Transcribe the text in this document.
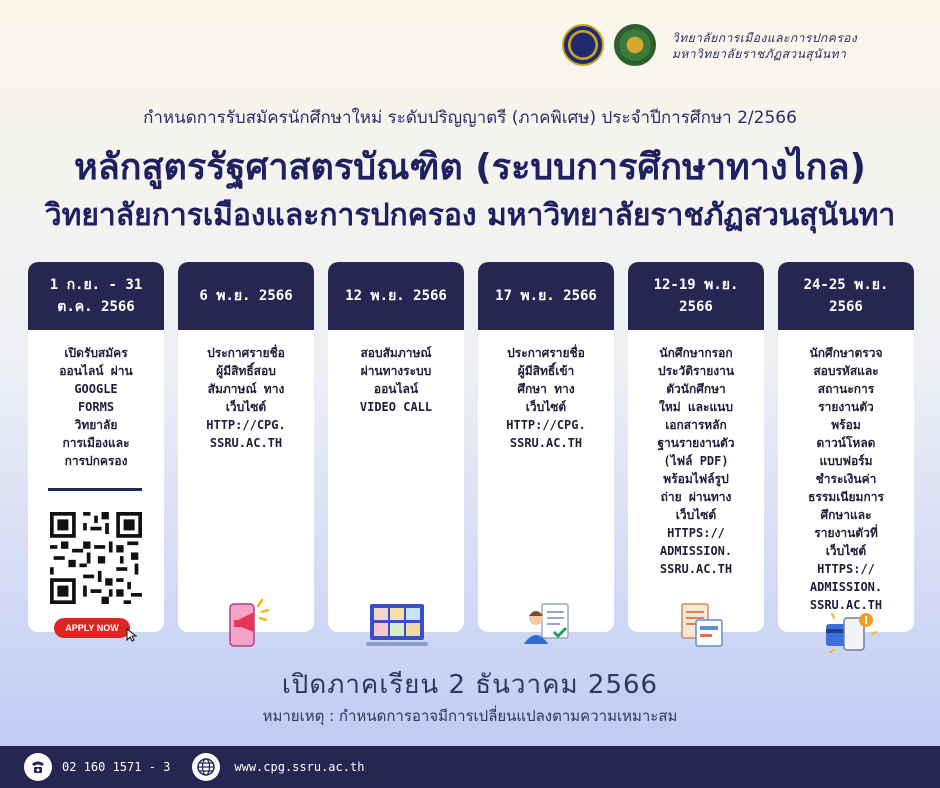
วิทยาลัยการเมืองและการปกครอง
มหาวิทยาลัยราชภัฏสวนสุนันทา
กำหนดการรับสมัครนักศึกษาใหม่ ระดับปริญญาตรี (ภาคพิเศษ) ประจำปีการศึกษา 2/2566
หลักสูตรรัฐศาสตรบัณฑิต (ระบบการศึกษาทางไกล)
วิทยาลัยการเมืองและการปกครอง มหาวิทยาลัยราชภัฏสวนสุนันทา
1 ก.ย. - 31 ต.ค. 2566
เปิดรับสมัคร
ออนไลน์ ผ่าน
GOOGLE
FORMS
วิทยาลัย
การเมืองและ
การปกครอง
6 พ.ย. 2566
ประกาศรายชื่อ
ผู้มีสิทธิ์สอบ
สัมภาษณ์ ทาง
เว็บไซต์
HTTP://CPG.
SSRU.AC.TH
12 พ.ย. 2566
สอบสัมภาษณ์
ผ่านทางระบบ
ออนไลน์
VIDEO CALL
17 พ.ย. 2566
ประกาศรายชื่อ
ผู้มีสิทธิ์เข้า
ศึกษา ทาง
เว็บไซต์
HTTP://CPG.
SSRU.AC.TH
12-19 พ.ย. 2566
นักศึกษากรอก
ประวัติรายงาน
ตัวนักศึกษา
ใหม่ และแนบ
เอกสารหลัก
ฐานรายงานตัว
(ไฟล์ PDF)
พร้อมไฟล์รูป
ถ่าย ผ่านทาง
เว็บไซต์
HTTPS://
ADMISSION.
SSRU.AC.TH
24-25 พ.ย. 2566
นักศึกษาตรวจ
สอบรหัสและ
สถานะการ
รายงานตัว
พร้อม
ดาวน์โหลด
แบบฟอร์ม
ชำระเงินค่า
ธรรมเนียมการ
ศึกษาและ
รายงานตัวที่
เว็บไซต์
HTTPS://
ADMISSION.
SSRU.AC.TH
APPLY NOW
เปิดภาคเรียน 2 ธันวาคม 2566
หมายเหตุ : กำหนดการอาจมีการเปลี่ยนแปลงตามความเหมาะสม
02 160 1571 - 3	www.cpg.ssru.ac.th
